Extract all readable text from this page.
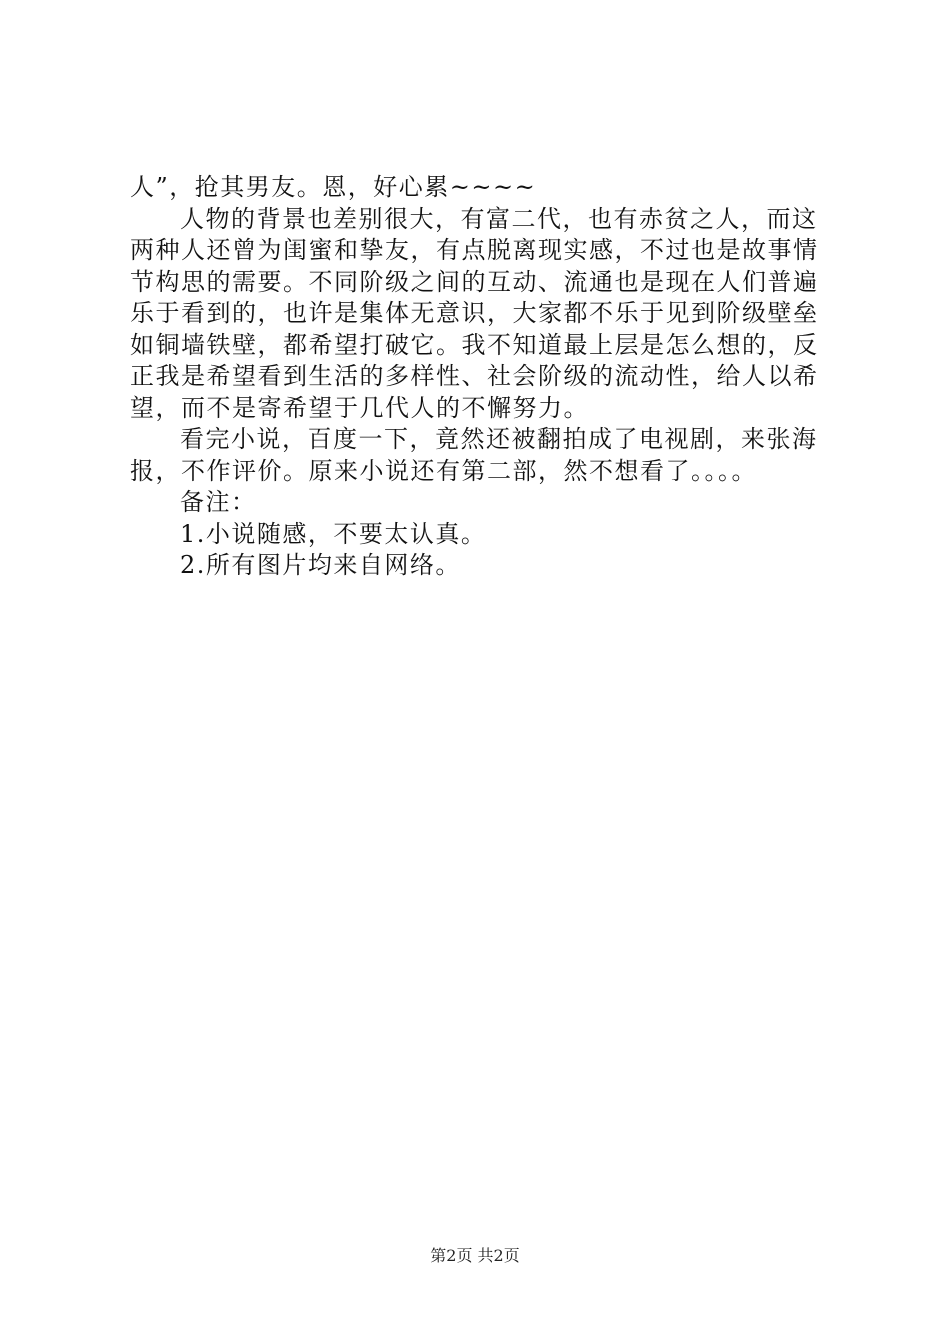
人”，抢其男友。恩，好心累~~~~
人物的背景也差别很大，有富二代，也有赤贫之人，而这
两种人还曾为闺蜜和挚友，有点脱离现实感，不过也是故事情
节构思的需要。不同阶级之间的互动、流通也是现在人们普遍
乐于看到的，也许是集体无意识，大家都不乐于见到阶级壁垒
如铜墙铁壁，都希望打破它。我不知道最上层是怎么想的，反
正我是希望看到生活的多样性、社会阶级的流动性，给人以希
望，而不是寄希望于几代人的不懈努力。
看完小说，百度一下，竟然还被翻拍成了电视剧，来张海
报，不作评价。原来小说还有第二部，然不想看了。。。。
备注：
1.小说随感，不要太认真。
2.所有图片均来自网络。
第2页 共2页
